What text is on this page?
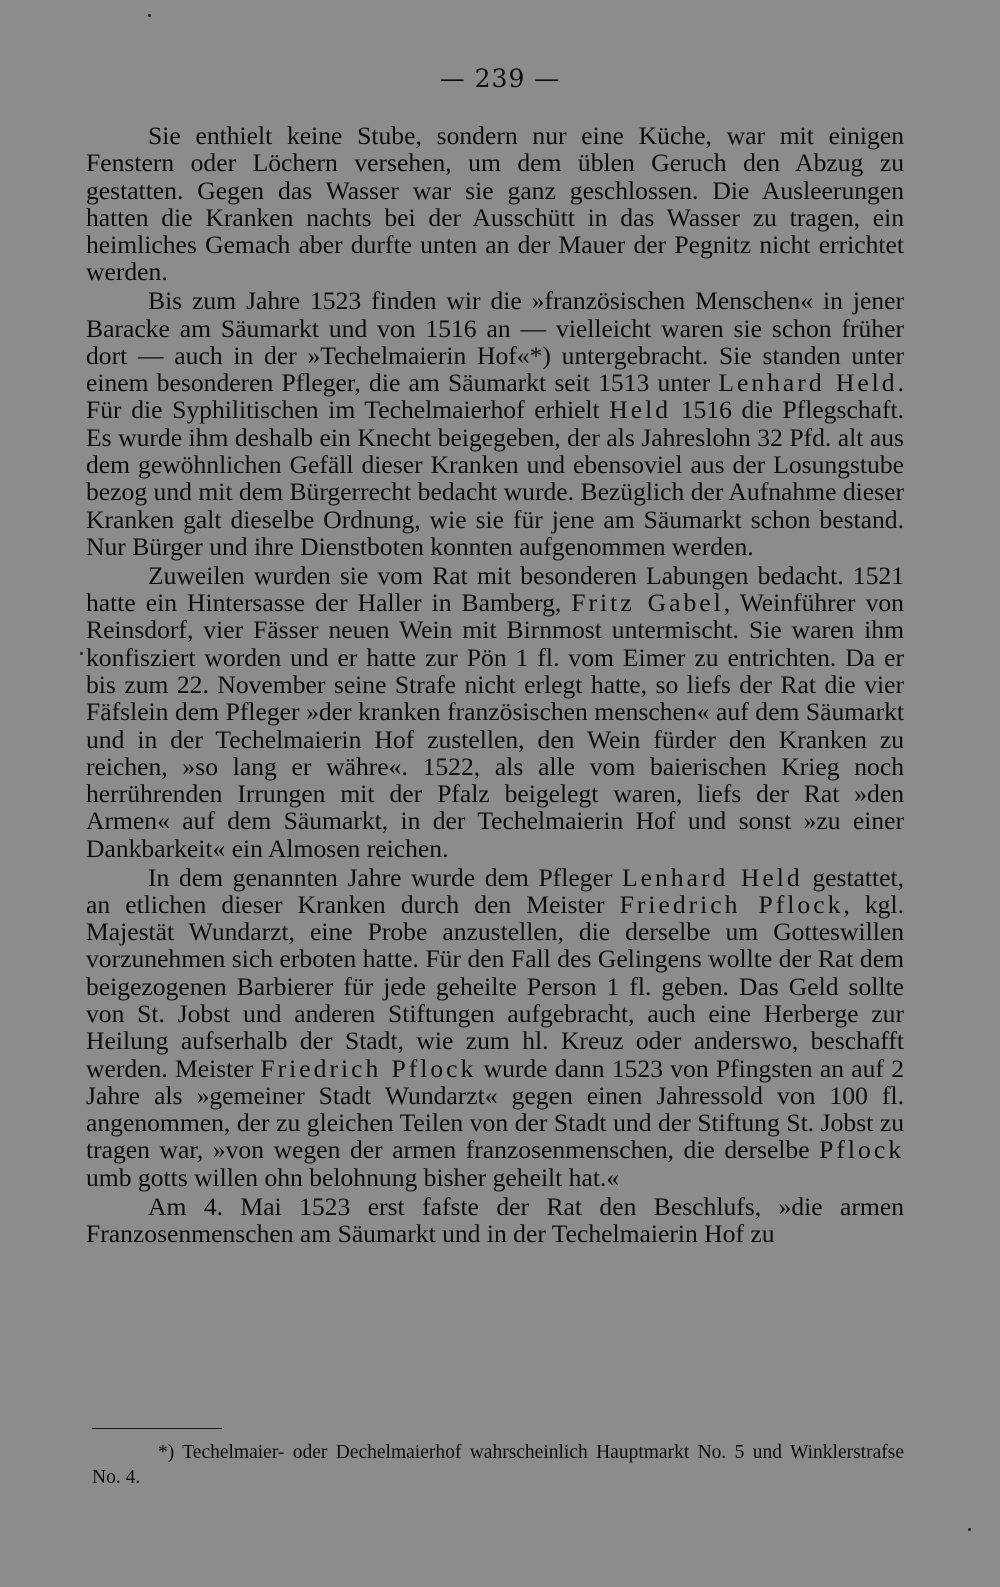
— 239 —

Sie enthielt keine Stube, sondern nur eine Küche, war mit einigen Fenstern oder Löchern versehen, um dem üblen Geruch den Abzug zu gestatten. Gegen das Wasser war sie ganz geschlossen. Die Ausleerungen hatten die Kranken nachts bei der Ausschütt in das Wasser zu tragen, ein heimliches Gemach aber durfte unten an der Mauer der Pegnitz nicht errichtet werden.

Bis zum Jahre 1523 finden wir die »französischen Menschen« in jener Baracke am Säumarkt und von 1516 an — vielleicht waren sie schon früher dort — auch in der »Techelmaierin Hof«*) untergebracht. Sie standen unter einem besonderen Pfleger, die am Säumarkt seit 1513 unter Lenhard Held. Für die Syphilitischen im Techelmaierhof erhielt Held 1516 die Pflegschaft. Es wurde ihm deshalb ein Knecht beigegeben, der als Jahreslohn 32 Pfd. alt aus dem gewöhnlichen Gefäll dieser Kranken und ebensoviel aus der Losungstube bezog und mit dem Bürgerrecht bedacht wurde. Bezüglich der Aufnahme dieser Kranken galt dieselbe Ordnung, wie sie für jene am Säumarkt schon bestand. Nur Bürger und ihre Dienstboten konnten aufgenommen werden.

Zuweilen wurden sie vom Rat mit besonderen Labungen bedacht. 1521 hatte ein Hintersasse der Haller in Bamberg, Fritz Gabel, Weinführer von Reinsdorf, vier Fässer neuen Wein mit Birnmost untermischt. Sie waren ihm konfisziert worden und er hatte zur Pön 1 fl. vom Eimer zu entrichten. Da er bis zum 22. November seine Strafe nicht erlegt hatte, so liefs der Rat die vier Fäfslein dem Pfleger »der kranken französischen menschen« auf dem Säumarkt und in der Techelmaierin Hof zustellen, den Wein fürder den Kranken zu reichen, »so lang er währe«. 1522, als alle vom baierischen Krieg noch herrührenden Irrungen mit der Pfalz beigelegt waren, liefs der Rat »den Armen« auf dem Säumarkt, in der Techelmaierin Hof und sonst »zu einer Dankbarkeit« ein Almosen reichen.

In dem genannten Jahre wurde dem Pfleger Lenhard Held gestattet, an etlichen dieser Kranken durch den Meister Friedrich Pflock, kgl. Majestät Wundarzt, eine Probe anzustellen, die derselbe um Gotteswillen vorzunehmen sich erboten hatte. Für den Fall des Gelingens wollte der Rat dem beigezogenen Barbierer für jede geheilte Person 1 fl. geben. Das Geld sollte von St. Jobst und anderen Stiftungen aufgebracht, auch eine Herberge zur Heilung aufserhalb der Stadt, wie zum hl. Kreuz oder anderswo, beschafft werden. Meister Friedrich Pflock wurde dann 1523 von Pfingsten an auf 2 Jahre als »gemeiner Stadt Wundarzt« gegen einen Jahressold von 100 fl. angenommen, der zu gleichen Teilen von der Stadt und der Stiftung St. Jobst zu tragen war, »von wegen der armen franzosenmenschen, die derselbe Pflock umb gotts willen ohn belohnung bisher geheilt hat.«

Am 4. Mai 1523 erst fafste der Rat den Beschlufs, »die armen Franzosenmenschen am Säumarkt und in der Techelmaierin Hof zu

*) Techelmaier- oder Dechelmaierhof wahrscheinlich Hauptmarkt No. 5 und Winklerstrafse No. 4.
